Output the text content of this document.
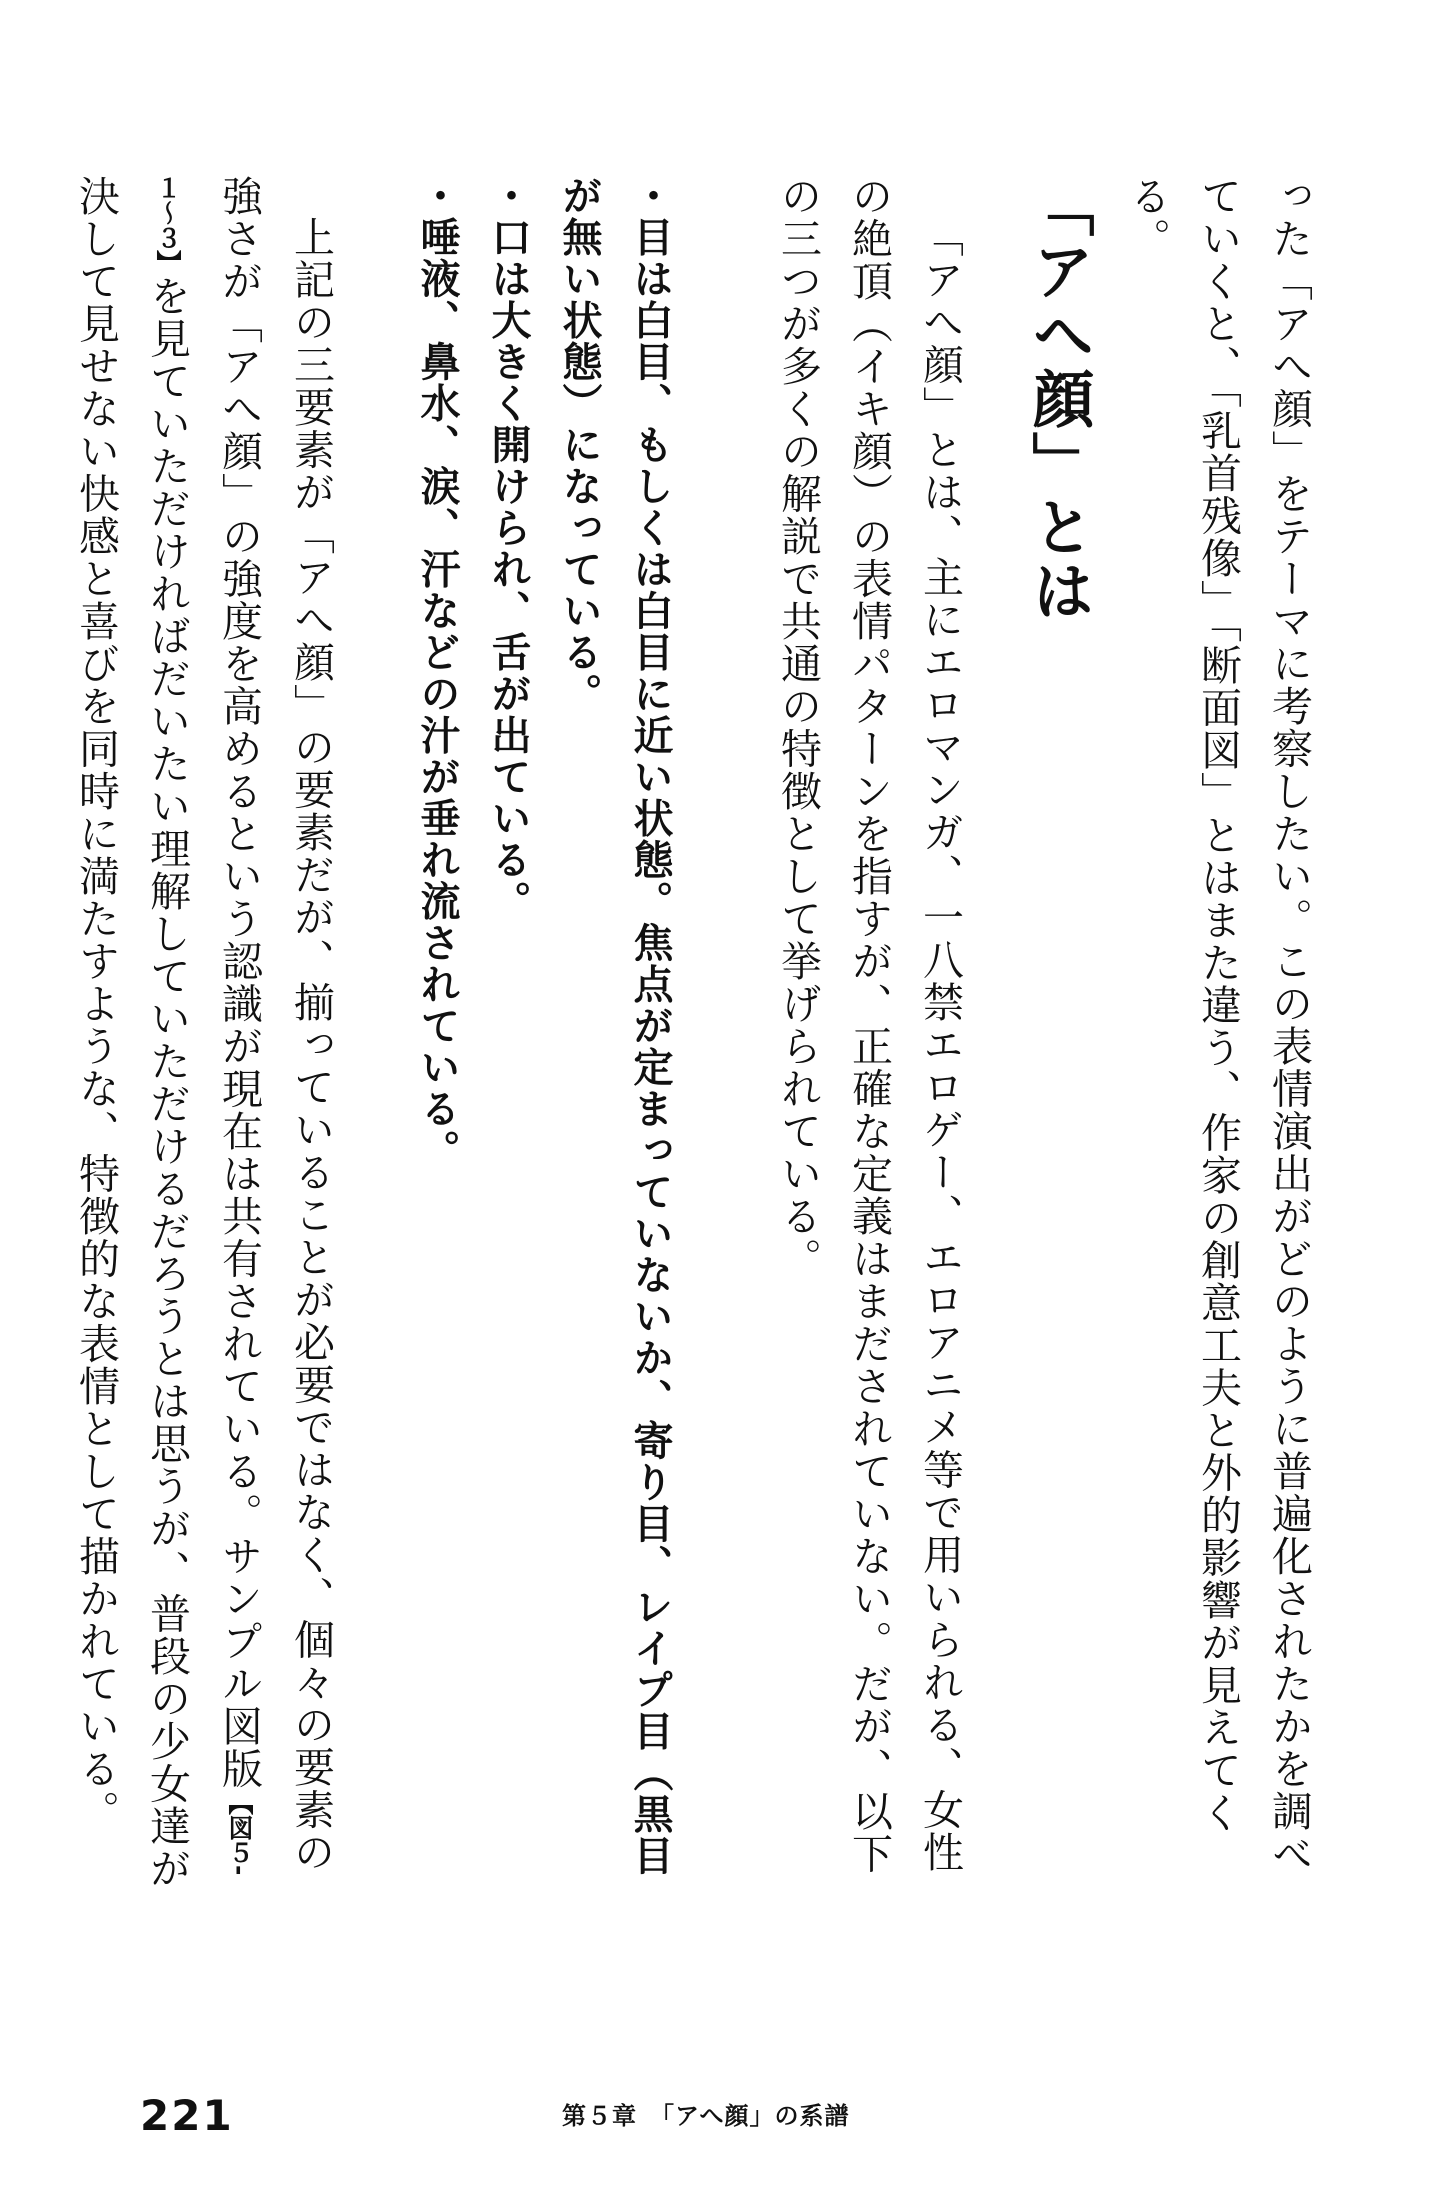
った「アへ顔」をテーマに考察したい。この表情演出がどのように普遍化されたかを調べていくと、「乳首残像」「断面図」とはまた違う、作家の創意工夫と外的影響が見えてくる。

「アへ顔」とは

「アへ顔」とは、主にエロマンガ、一八禁エロゲー、エロアニメ等で用いられる、女性の絶頂（イキ顔）の表情パターンを指すが、正確な定義はまだされていない。だが、以下の三つが多くの解説で共通の特徴として挙げられている。

・目は白目、もしくは白目に近い状態。焦点が定まっていないか、寄り目、レイプ目（黒目が無い状態）になっている。
・口は大きく開けられ、舌が出ている。
・唾液、鼻水、涙、汗などの汁が垂れ流されている。

上記の三要素が「アへ顔」の要素だが、揃っていることが必要ではなく、個々の要素の強さが「アへ顔」の強度を高めるという認識が現在は共有されている。サンプル図版【図５-１〜３】を見ていただければだいたい理解していただけるだろうとは思うが、普段の少女達が決して見せない快感と喜びを同時に満たすような、特徴的な表情として描かれている。

221	第５章　「アへ顔」の系譜
